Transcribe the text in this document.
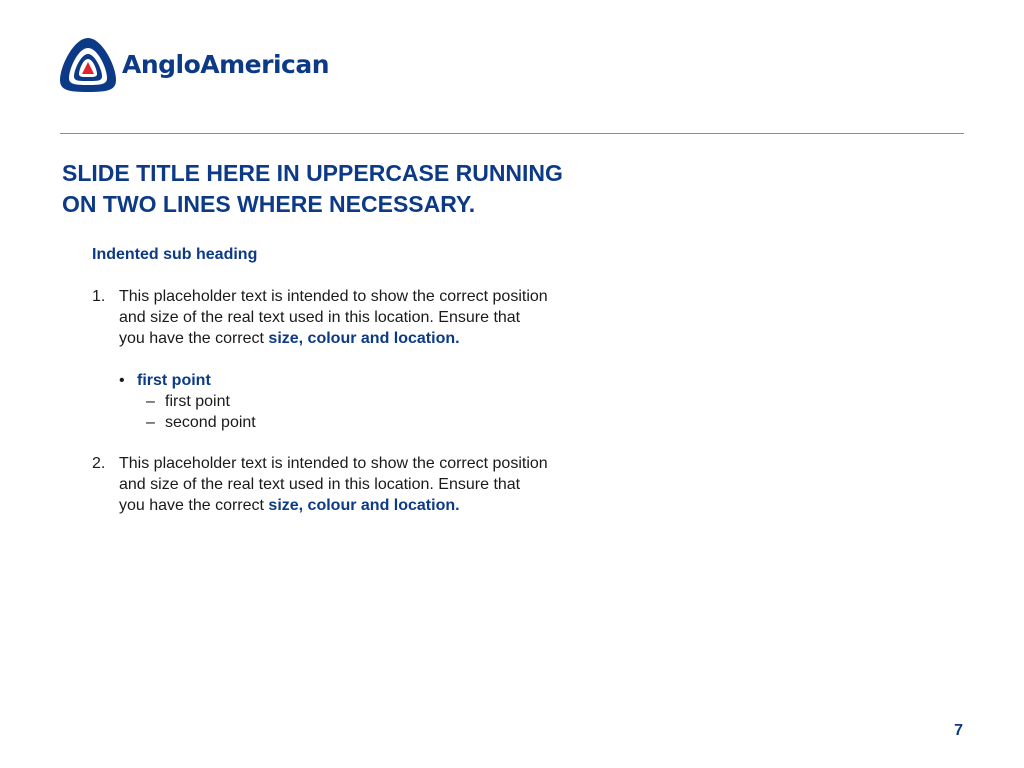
AngloAmerican
SLIDE TITLE HERE IN UPPERCASE RUNNING
ON TWO LINES WHERE NECESSARY.
Indented sub heading
1. This placeholder text is intended to show the correct position
and size of the real text used in this location. Ensure that
you have the correct size, colour and location.
• first point
– first point
– second point
2. This placeholder text is intended to show the correct position
and size of the real text used in this location. Ensure that
you have the correct size, colour and location.
7
